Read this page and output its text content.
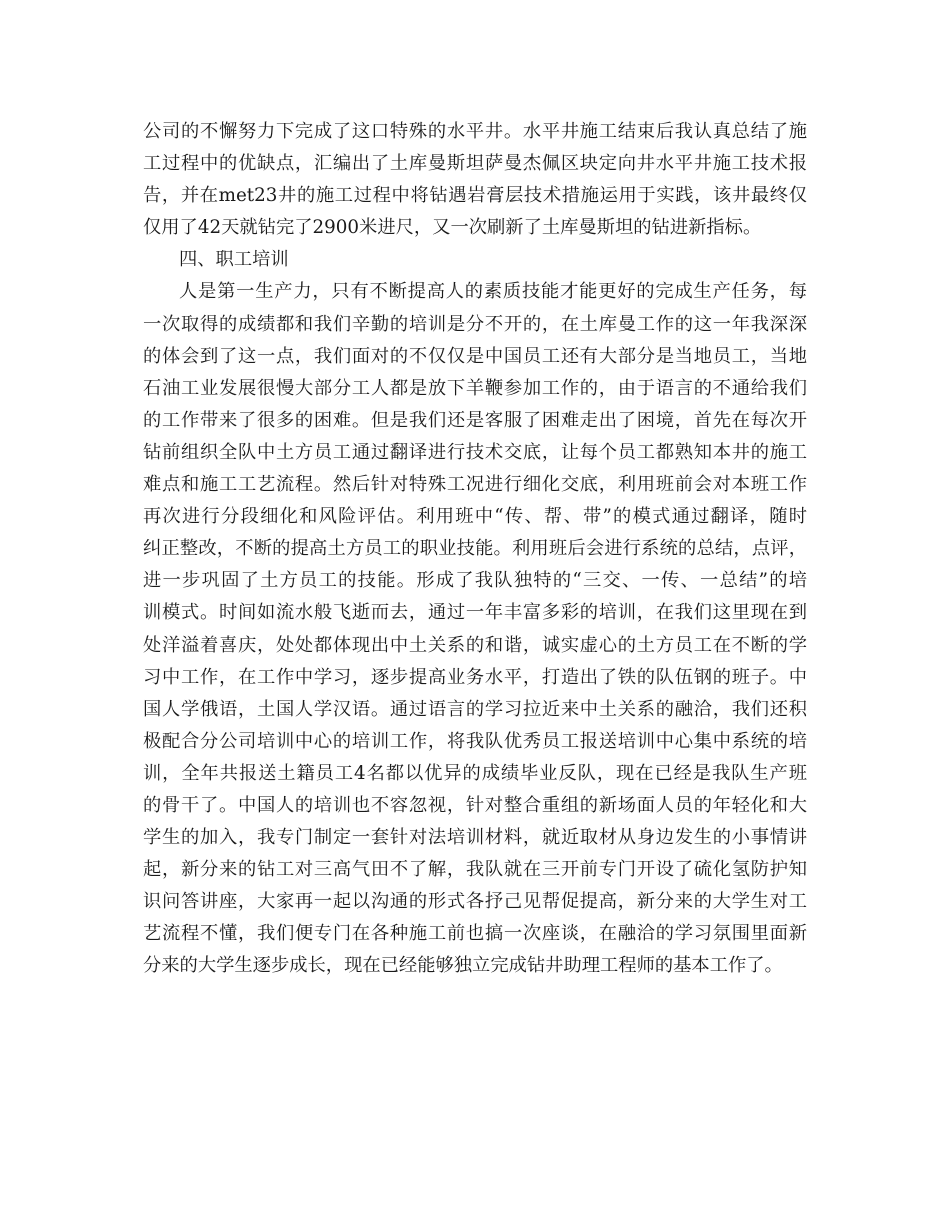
公司的不懈努力下完成了这口特殊的水平井。水平井施工结束后我认真总结了施
工过程中的优缺点，汇编出了土库曼斯坦萨曼杰佩区块定向井水平井施工技术报
告，并在met23井的施工过程中将钻遇岩膏层技术措施运用于实践，该井最终仅
仅用了42天就钻完了2900米进尺，又一次刷新了土库曼斯坦的钻进新指标。
四、职工培训
人是第一生产力，只有不断提高人的素质技能才能更好的完成生产任务，每
一次取得的成绩都和我们辛勤的培训是分不开的，在土库曼工作的这一年我深深
的体会到了这一点，我们面对的不仅仅是中国员工还有大部分是当地员工，当地
石油工业发展很慢大部分工人都是放下羊鞭参加工作的，由于语言的不通给我们
的工作带来了很多的困难。但是我们还是客服了困难走出了困境，首先在每次开
钻前组织全队中土方员工通过翻译进行技术交底，让每个员工都熟知本井的施工
难点和施工工艺流程。然后针对特殊工况进行细化交底，利用班前会对本班工作
再次进行分段细化和风险评估。利用班中“传、帮、带”的模式通过翻译，随时
纠正整改，不断的提高土方员工的职业技能。利用班后会进行系统的总结，点评，
进一步巩固了土方员工的技能。形成了我队独特的“三交、一传、一总结”的培
训模式。时间如流水般飞逝而去，通过一年丰富多彩的培训，在我们这里现在到
处洋溢着喜庆，处处都体现出中土关系的和谐，诚实虚心的土方员工在不断的学
习中工作，在工作中学习，逐步提高业务水平，打造出了铁的队伍钢的班子。中
国人学俄语，土国人学汉语。通过语言的学习拉近来中土关系的融洽，我们还积
极配合分公司培训中心的培训工作，将我队优秀员工报送培训中心集中系统的培
训，全年共报送土籍员工4名都以优异的成绩毕业反队，现在已经是我队生产班
的骨干了。中国人的培训也不容忽视，针对整合重组的新场面人员的年轻化和大
学生的加入，我专门制定一套针对法培训材料，就近取材从身边发生的小事情讲
起，新分来的钻工对三高气田不了解，我队就在三开前专门开设了硫化氢防护知
识问答讲座，大家再一起以沟通的形式各抒己见帮促提高，新分来的大学生对工
艺流程不懂，我们便专门在各种施工前也搞一次座谈，在融洽的学习氛围里面新
分来的大学生逐步成长，现在已经能够独立完成钻井助理工程师的基本工作了。
